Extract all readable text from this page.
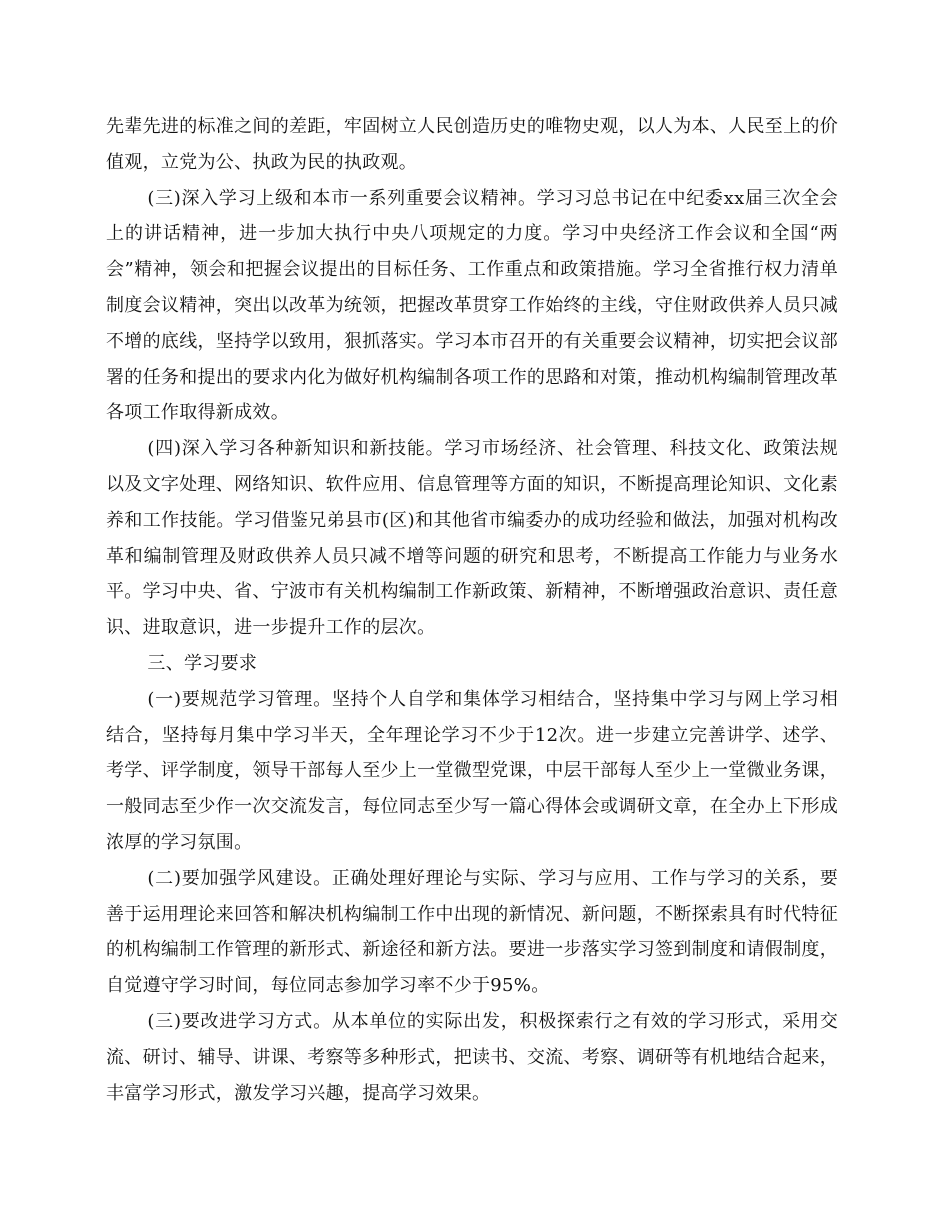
先辈先进的标准之间的差距，牢固树立人民创造历史的唯物史观，以人为本、人民至上的价值观，立党为公、执政为民的执政观。

(三)深入学习上级和本市一系列重要会议精神。学习习总书记在中纪委xx届三次全会上的讲话精神，进一步加大执行中央八项规定的力度。学习中央经济工作会议和全国“两会”精神，领会和把握会议提出的目标任务、工作重点和政策措施。学习全省推行权力清单制度会议精神，突出以改革为统领，把握改革贯穿工作始终的主线，守住财政供养人员只减不增的底线，坚持学以致用，狠抓落实。学习本市召开的有关重要会议精神，切实把会议部署的任务和提出的要求内化为做好机构编制各项工作的思路和对策，推动机构编制管理改革各项工作取得新成效。

(四)深入学习各种新知识和新技能。学习市场经济、社会管理、科技文化、政策法规以及文字处理、网络知识、软件应用、信息管理等方面的知识，不断提高理论知识、文化素养和工作技能。学习借鉴兄弟县市(区)和其他省市编委办的成功经验和做法，加强对机构改革和编制管理及财政供养人员只减不增等问题的研究和思考，不断提高工作能力与业务水平。学习中央、省、宁波市有关机构编制工作新政策、新精神，不断增强政治意识、责任意识、进取意识，进一步提升工作的层次。

三、学习要求

(一)要规范学习管理。坚持个人自学和集体学习相结合，坚持集中学习与网上学习相结合，坚持每月集中学习半天，全年理论学习不少于12次。进一步建立完善讲学、述学、考学、评学制度，领导干部每人至少上一堂微型党课，中层干部每人至少上一堂微业务课，一般同志至少作一次交流发言，每位同志至少写一篇心得体会或调研文章，在全办上下形成浓厚的学习氛围。

(二)要加强学风建设。正确处理好理论与实际、学习与应用、工作与学习的关系，要善于运用理论来回答和解决机构编制工作中出现的新情况、新问题，不断探索具有时代特征的机构编制工作管理的新形式、新途径和新方法。要进一步落实学习签到制度和请假制度，自觉遵守学习时间，每位同志参加学习率不少于95%。

(三)要改进学习方式。从本单位的实际出发，积极探索行之有效的学习形式，采用交流、研讨、辅导、讲课、考察等多种形式，把读书、交流、考察、调研等有机地结合起来，丰富学习形式，激发学习兴趣，提高学习效果。
